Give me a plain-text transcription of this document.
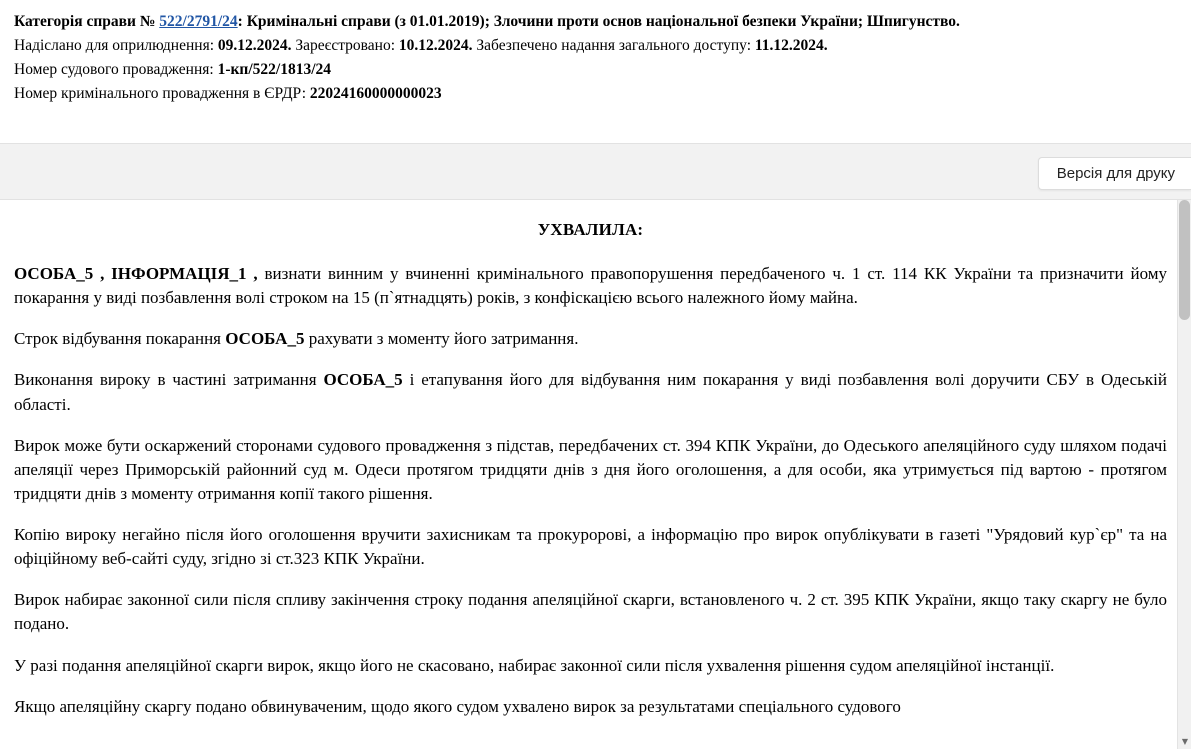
Категорія справи № 522/2791/24: Кримінальні справи (з 01.01.2019); Злочини проти основ національної безпеки України; Шпигунство.
Надіслано для оприлюднення: 09.12.2024. Зареєстровано: 10.12.2024. Забезпечено надання загального доступу: 11.12.2024.
Номер судового провадження: 1-кп/522/1813/24
Номер кримінального провадження в ЄРДР: 22024160000000023
Версія для друку
УХВАЛИЛА:

ОСОБА_5 , ІНФОРМАЦІЯ_1 , визнати винним у вчиненні кримінального правопорушення передбаченого ч. 1 ст. 114 КК України та призначити йому покарання у виді позбавлення волі строком на 15 (п`ятнадцять) років, з конфіскацією всього належного йому майна.

Строк відбування покарання ОСОБА_5 рахувати з моменту його затримання.

Виконання вироку в частині затримання ОСОБА_5 і етапування його для відбування ним покарання у виді позбавлення волі доручити СБУ в Одеській області.

Вирок може бути оскаржений сторонами судового провадження з підстав, передбачених ст. 394 КПК України, до Одеського апеляційного суду шляхом подачі апеляції через Приморській районний суд м. Одеси протягом тридцяти днів з дня його оголошення, а для особи, яка утримується під вартою - протягом тридцяти днів з моменту отримання копії такого рішення.

Копію вироку негайно після його оголошення вручити захисникам та прокуророві, а інформацію про вирок опублікувати в газеті "Урядовий кур`єр" та на офіційному веб-сайті суду, згідно зі ст.323 КПК України.

Вирок набирає законної сили після спливу закінчення строку подання апеляційної скарги, встановленого ч. 2 ст. 395 КПК України, якщо таку скаргу не було подано.

У разі подання апеляційної скарги вирок, якщо його не скасовано, набирає законної сили після ухвалення рішення судом апеляційної інстанції.

Якщо апеляційну скаргу подано обвинуваченим, щодо якого судом ухвалено вирок за результатами спеціального судового

▼
